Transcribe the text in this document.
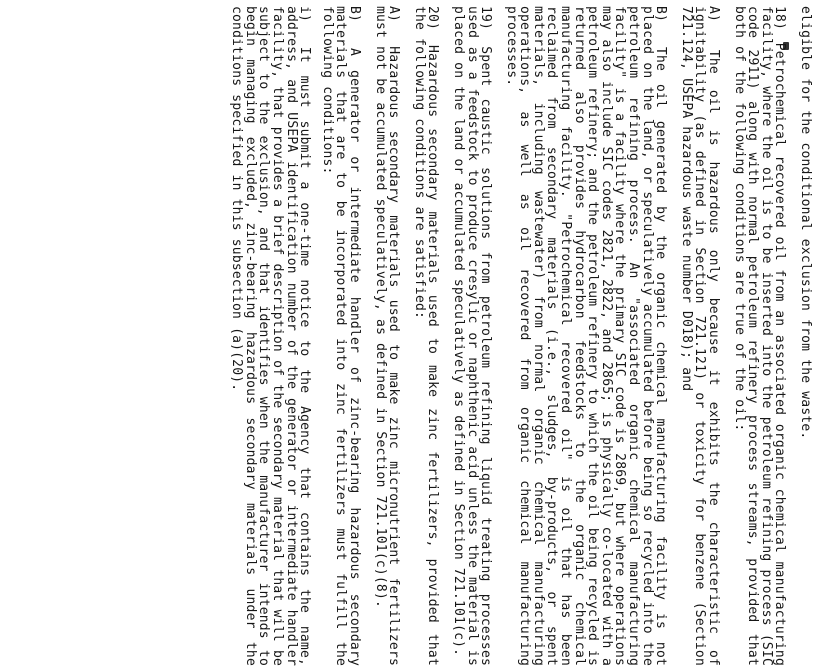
eligible for the conditional exclusion from the waste.

18) Petrochemical recovered oil from an associated organic chemical manufacturing facility, where the oil is to be inserted into the petroleum refining process (SIC code 2911) along with normal petroleum refinery process streams, provided that both of the following conditions are true of the oil:

A) The oil is hazardous only because it exhibits the characteristic of ignitability (as defined in Section 721.121) or toxicity for benzene (Section 721.124, USEPA hazardous waste number D018); and

B) The oil generated by the organic chemical manufacturing facility is not placed on the land, or speculatively accumulated before being so recycled into the petroleum refining process. An "associated organic chemical manufacturing facility" is a facility where the primary SIC code is 2869, but where operations may also include SIC codes 2821, 2822, and 2865; is physically co-located with a petroleum refinery; and the petroleum refinery to which the oil being recycled is returned also provides hydrocarbon feedstocks to the organic chemical manufacturing facility. "Petrochemical recovered oil" is oil that has been reclaimed from secondary materials (i.e., sludges, by-products, or spent materials, including wastewater) from normal organic chemical manufacturing operations, as well as oil recovered from organic chemical manufacturing processes.

19) Spent caustic solutions from petroleum refining liquid treating processes used as a feedstock to produce cresylic or naphthenic acid unless the material is placed on the land or accumulated speculatively as defined in Section 721.101(c).

20) Hazardous secondary materials used to make zinc fertilizers, provided that the following conditions are satisfied:

A) Hazardous secondary materials used to make zinc micronutrient fertilizers must not be accumulated speculatively, as defined in Section 721.101(c)(8).

B) A generator or intermediate handler of zinc-bearing hazardous secondary materials that are to be incorporated into zinc fertilizers must fulfill the following conditions:

i) It must submit a one-time notice to the Agency that contains the name, address, and USEPA identification number of the generator or intermediate handler facility, that provides a brief description of the secondary material that will be subject to the exclusion, and that identifies when the manufacturer intends to begin managing excluded, zinc-bearing hazardous secondary materials under the conditions specified in this subsection (a)(20).
